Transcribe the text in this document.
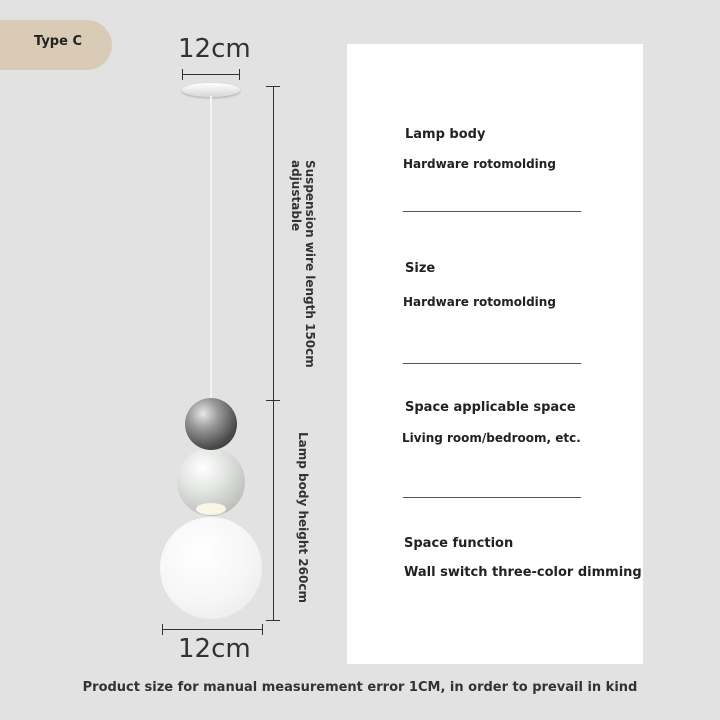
Type C	12cm
Suspension wire length 150cm
adjustable
Lamp body height 260cm
12cm
Lamp body
Hardware rotomolding
Size
Hardware rotomolding
Space applicable space
Living room/bedroom, etc.
Space function
Wall switch three-color dimming
Product size for manual measurement error 1CM, in order to prevail in kind
